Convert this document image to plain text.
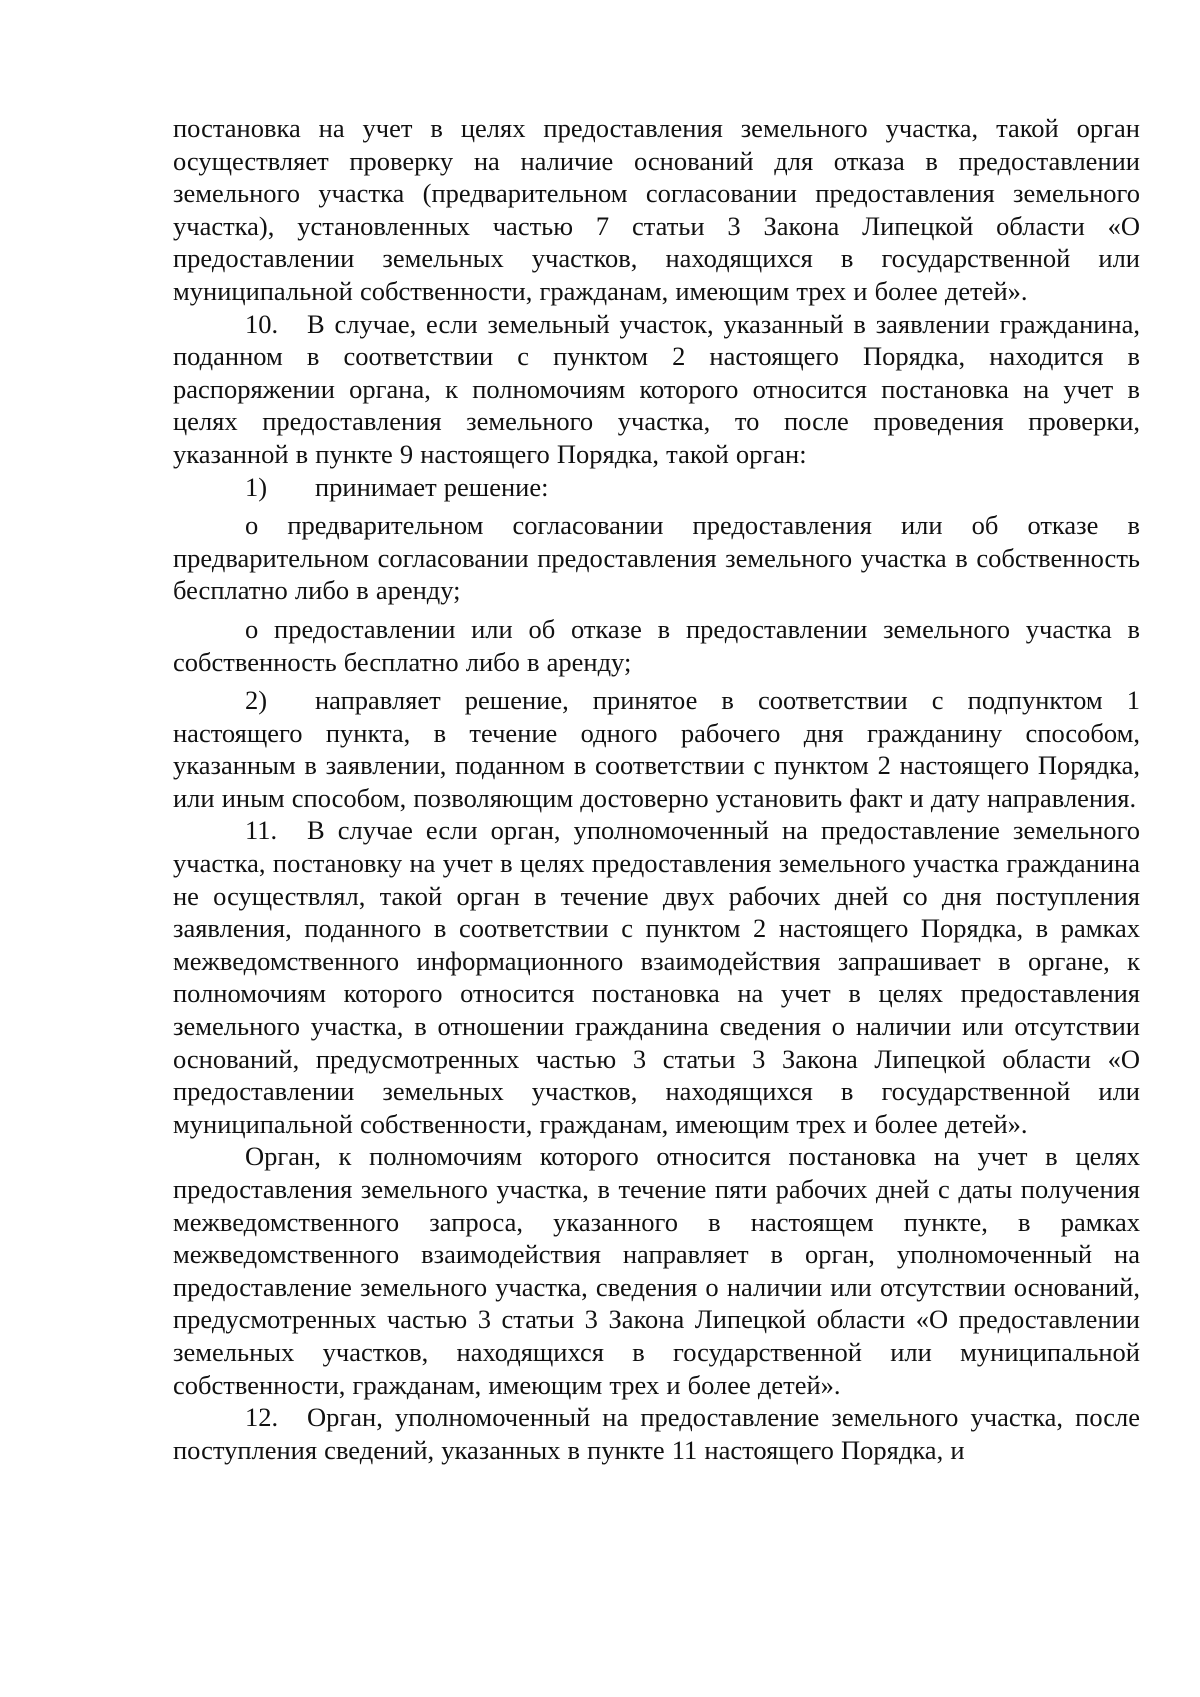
постановка на учет в целях предоставления земельного участка, такой орган осуществляет проверку на наличие оснований для отказа в предоставлении земельного участка (предварительном согласовании предоставления земельного участка), установленных частью 7 статьи 3 Закона Липецкой области «О предоставлении земельных участков, находящихся в государственной или муниципальной собственности, гражданам, имеющим трех и более детей».

10. В случае, если земельный участок, указанный в заявлении гражданина, поданном в соответствии с пунктом 2 настоящего Порядка, находится в распоряжении органа, к полномочиям которого относится постановка на учет в целях предоставления земельного участка, то после проведения проверки, указанной в пункте 9 настоящего Порядка, такой орган:

1) принимает решение:

о предварительном согласовании предоставления или об отказе в предварительном согласовании предоставления земельного участка в собственность бесплатно либо в аренду;

о предоставлении или об отказе в предоставлении земельного участка в собственность бесплатно либо в аренду;

2) направляет решение, принятое в соответствии с подпунктом 1 настоящего пункта, в течение одного рабочего дня гражданину способом, указанным в заявлении, поданном в соответствии с пунктом 2 настоящего Порядка, или иным способом, позволяющим достоверно установить факт и дату направления.

11. В случае если орган, уполномоченный на предоставление земельного участка, постановку на учет в целях предоставления земельного участка гражданина не осуществлял, такой орган в течение двух рабочих дней со дня поступления заявления, поданного в соответствии с пунктом 2 настоящего Порядка, в рамках межведомственного информационного взаимодействия запрашивает в органе, к полномочиям которого относится постановка на учет в целях предоставления земельного участка, в отношении гражданина сведения о наличии или отсутствии оснований, предусмотренных частью 3 статьи 3 Закона Липецкой области «О предоставлении земельных участков, находящихся в государственной или муниципальной собственности, гражданам, имеющим трех и более детей».

Орган, к полномочиям которого относится постановка на учет в целях предоставления земельного участка, в течение пяти рабочих дней с даты получения межведомственного запроса, указанного в настоящем пункте, в рамках межведомственного взаимодействия направляет в орган, уполномоченный на предоставление земельного участка, сведения о наличии или отсутствии оснований, предусмотренных частью 3 статьи 3 Закона Липецкой области «О предоставлении земельных участков, находящихся в государственной или муниципальной собственности, гражданам, имеющим трех и более детей».

12. Орган, уполномоченный на предоставление земельного участка, после поступления сведений, указанных в пункте 11 настоящего Порядка, и
